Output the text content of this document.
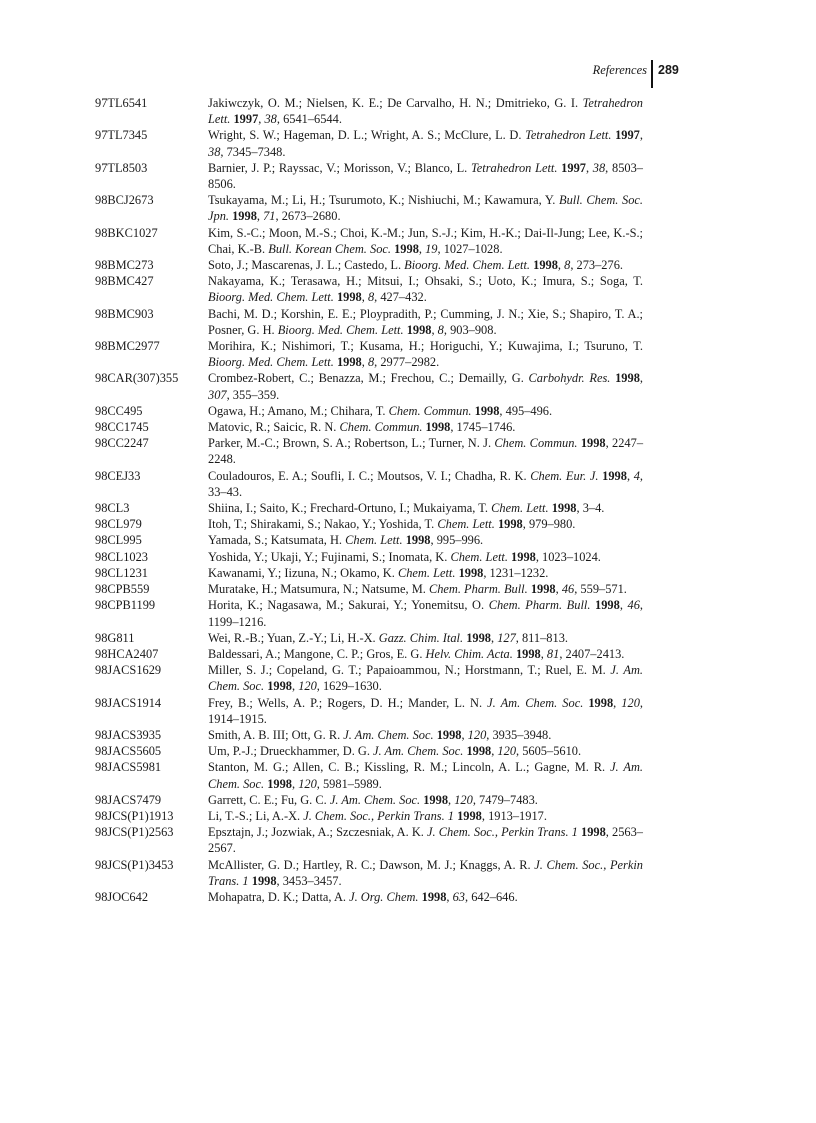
References 289
97TL6541	Jakiwczyk, O. M.; Nielsen, K. E.; De Carvalho, H. N.; Dmitrieko, G. I. Tetrahedron Lett. 1997, 38, 6541–6544.
97TL7345	Wright, S. W.; Hageman, D. L.; Wright, A. S.; McClure, L. D. Tetrahedron Lett. 1997, 38, 7345–7348.
97TL8503	Barnier, J. P.; Rayssac, V.; Morisson, V.; Blanco, L. Tetrahedron Lett. 1997, 38, 8503–8506.
98BCJ2673	Tsukayama, M.; Li, H.; Tsurumoto, K.; Nishiuchi, M.; Kawamura, Y. Bull. Chem. Soc. Jpn. 1998, 71, 2673–2680.
98BKC1027	Kim, S.-C.; Moon, M.-S.; Choi, K.-M.; Jun, S.-J.; Kim, H.-K.; Dai-Il-Jung; Lee, K.-S.; Chai, K.-B. Bull. Korean Chem. Soc. 1998, 19, 1027–1028.
98BMC273	Soto, J.; Mascarenas, J. L.; Castedo, L. Bioorg. Med. Chem. Lett. 1998, 8, 273–276.
98BMC427	Nakayama, K.; Terasawa, H.; Mitsui, I.; Ohsaki, S.; Uoto, K.; Imura, S.; Soga, T. Bioorg. Med. Chem. Lett. 1998, 8, 427–432.
98BMC903	Bachi, M. D.; Korshin, E. E.; Ploypradith, P.; Cumming, J. N.; Xie, S.; Shapiro, T. A.; Posner, G. H. Bioorg. Med. Chem. Lett. 1998, 8, 903–908.
98BMC2977	Morihira, K.; Nishimori, T.; Kusama, H.; Horiguchi, Y.; Kuwajima, I.; Tsuruno, T. Bioorg. Med. Chem. Lett. 1998, 8, 2977–2982.
98CAR(307)355	Crombez-Robert, C.; Benazza, M.; Frechou, C.; Demailly, G. Carbohydr. Res. 1998, 307, 355–359.
98CC495	Ogawa, H.; Amano, M.; Chihara, T. Chem. Commun. 1998, 495–496.
98CC1745	Matovic, R.; Saicic, R. N. Chem. Commun. 1998, 1745–1746.
98CC2247	Parker, M.-C.; Brown, S. A.; Robertson, L.; Turner, N. J. Chem. Commun. 1998, 2247–2248.
98CEJ33	Couladouros, E. A.; Soufli, I. C.; Moutsos, V. I.; Chadha, R. K. Chem. Eur. J. 1998, 4, 33–43.
98CL3	Shiina, I.; Saito, K.; Frechard-Ortuno, I.; Mukaiyama, T. Chem. Lett. 1998, 3–4.
98CL979	Itoh, T.; Shirakami, S.; Nakao, Y.; Yoshida, T. Chem. Lett. 1998, 979–980.
98CL995	Yamada, S.; Katsumata, H. Chem. Lett. 1998, 995–996.
98CL1023	Yoshida, Y.; Ukaji, Y.; Fujinami, S.; Inomata, K. Chem. Lett. 1998, 1023–1024.
98CL1231	Kawanami, Y.; Iizuna, N.; Okamo, K. Chem. Lett. 1998, 1231–1232.
98CPB559	Muratake, H.; Matsumura, N.; Natsume, M. Chem. Pharm. Bull. 1998, 46, 559–571.
98CPB1199	Horita, K.; Nagasawa, M.; Sakurai, Y.; Yonemitsu, O. Chem. Pharm. Bull. 1998, 46, 1199–1216.
98G811	Wei, R.-B.; Yuan, Z.-Y.; Li, H.-X. Gazz. Chim. Ital. 1998, 127, 811–813.
98HCA2407	Baldessari, A.; Mangone, C. P.; Gros, E. G. Helv. Chim. Acta. 1998, 81, 2407–2413.
98JACS1629	Miller, S. J.; Copeland, G. T.; Papaioammou, N.; Horstmann, T.; Ruel, E. M. J. Am. Chem. Soc. 1998, 120, 1629–1630.
98JACS1914	Frey, B.; Wells, A. P.; Rogers, D. H.; Mander, L. N. J. Am. Chem. Soc. 1998, 120, 1914–1915.
98JACS3935	Smith, A. B. III; Ott, G. R. J. Am. Chem. Soc. 1998, 120, 3935–3948.
98JACS5605	Um, P.-J.; Drueckhammer, D. G. J. Am. Chem. Soc. 1998, 120, 5605–5610.
98JACS5981	Stanton, M. G.; Allen, C. B.; Kissling, R. M.; Lincoln, A. L.; Gagne, M. R. J. Am. Chem. Soc. 1998, 120, 5981–5989.
98JACS7479	Garrett, C. E.; Fu, G. C. J. Am. Chem. Soc. 1998, 120, 7479–7483.
98JCS(P1)1913	Li, T.-S.; Li, A.-X. J. Chem. Soc., Perkin Trans. 1 1998, 1913–1917.
98JCS(P1)2563	Epsztajn, J.; Jozwiak, A.; Szczesniak, A. K. J. Chem. Soc., Perkin Trans. 1 1998, 2563–2567.
98JCS(P1)3453	McAllister, G. D.; Hartley, R. C.; Dawson, M. J.; Knaggs, A. R. J. Chem. Soc., Perkin Trans. 1 1998, 3453–3457.
98JOC642	Mohapatra, D. K.; Datta, A. J. Org. Chem. 1998, 63, 642–646.
